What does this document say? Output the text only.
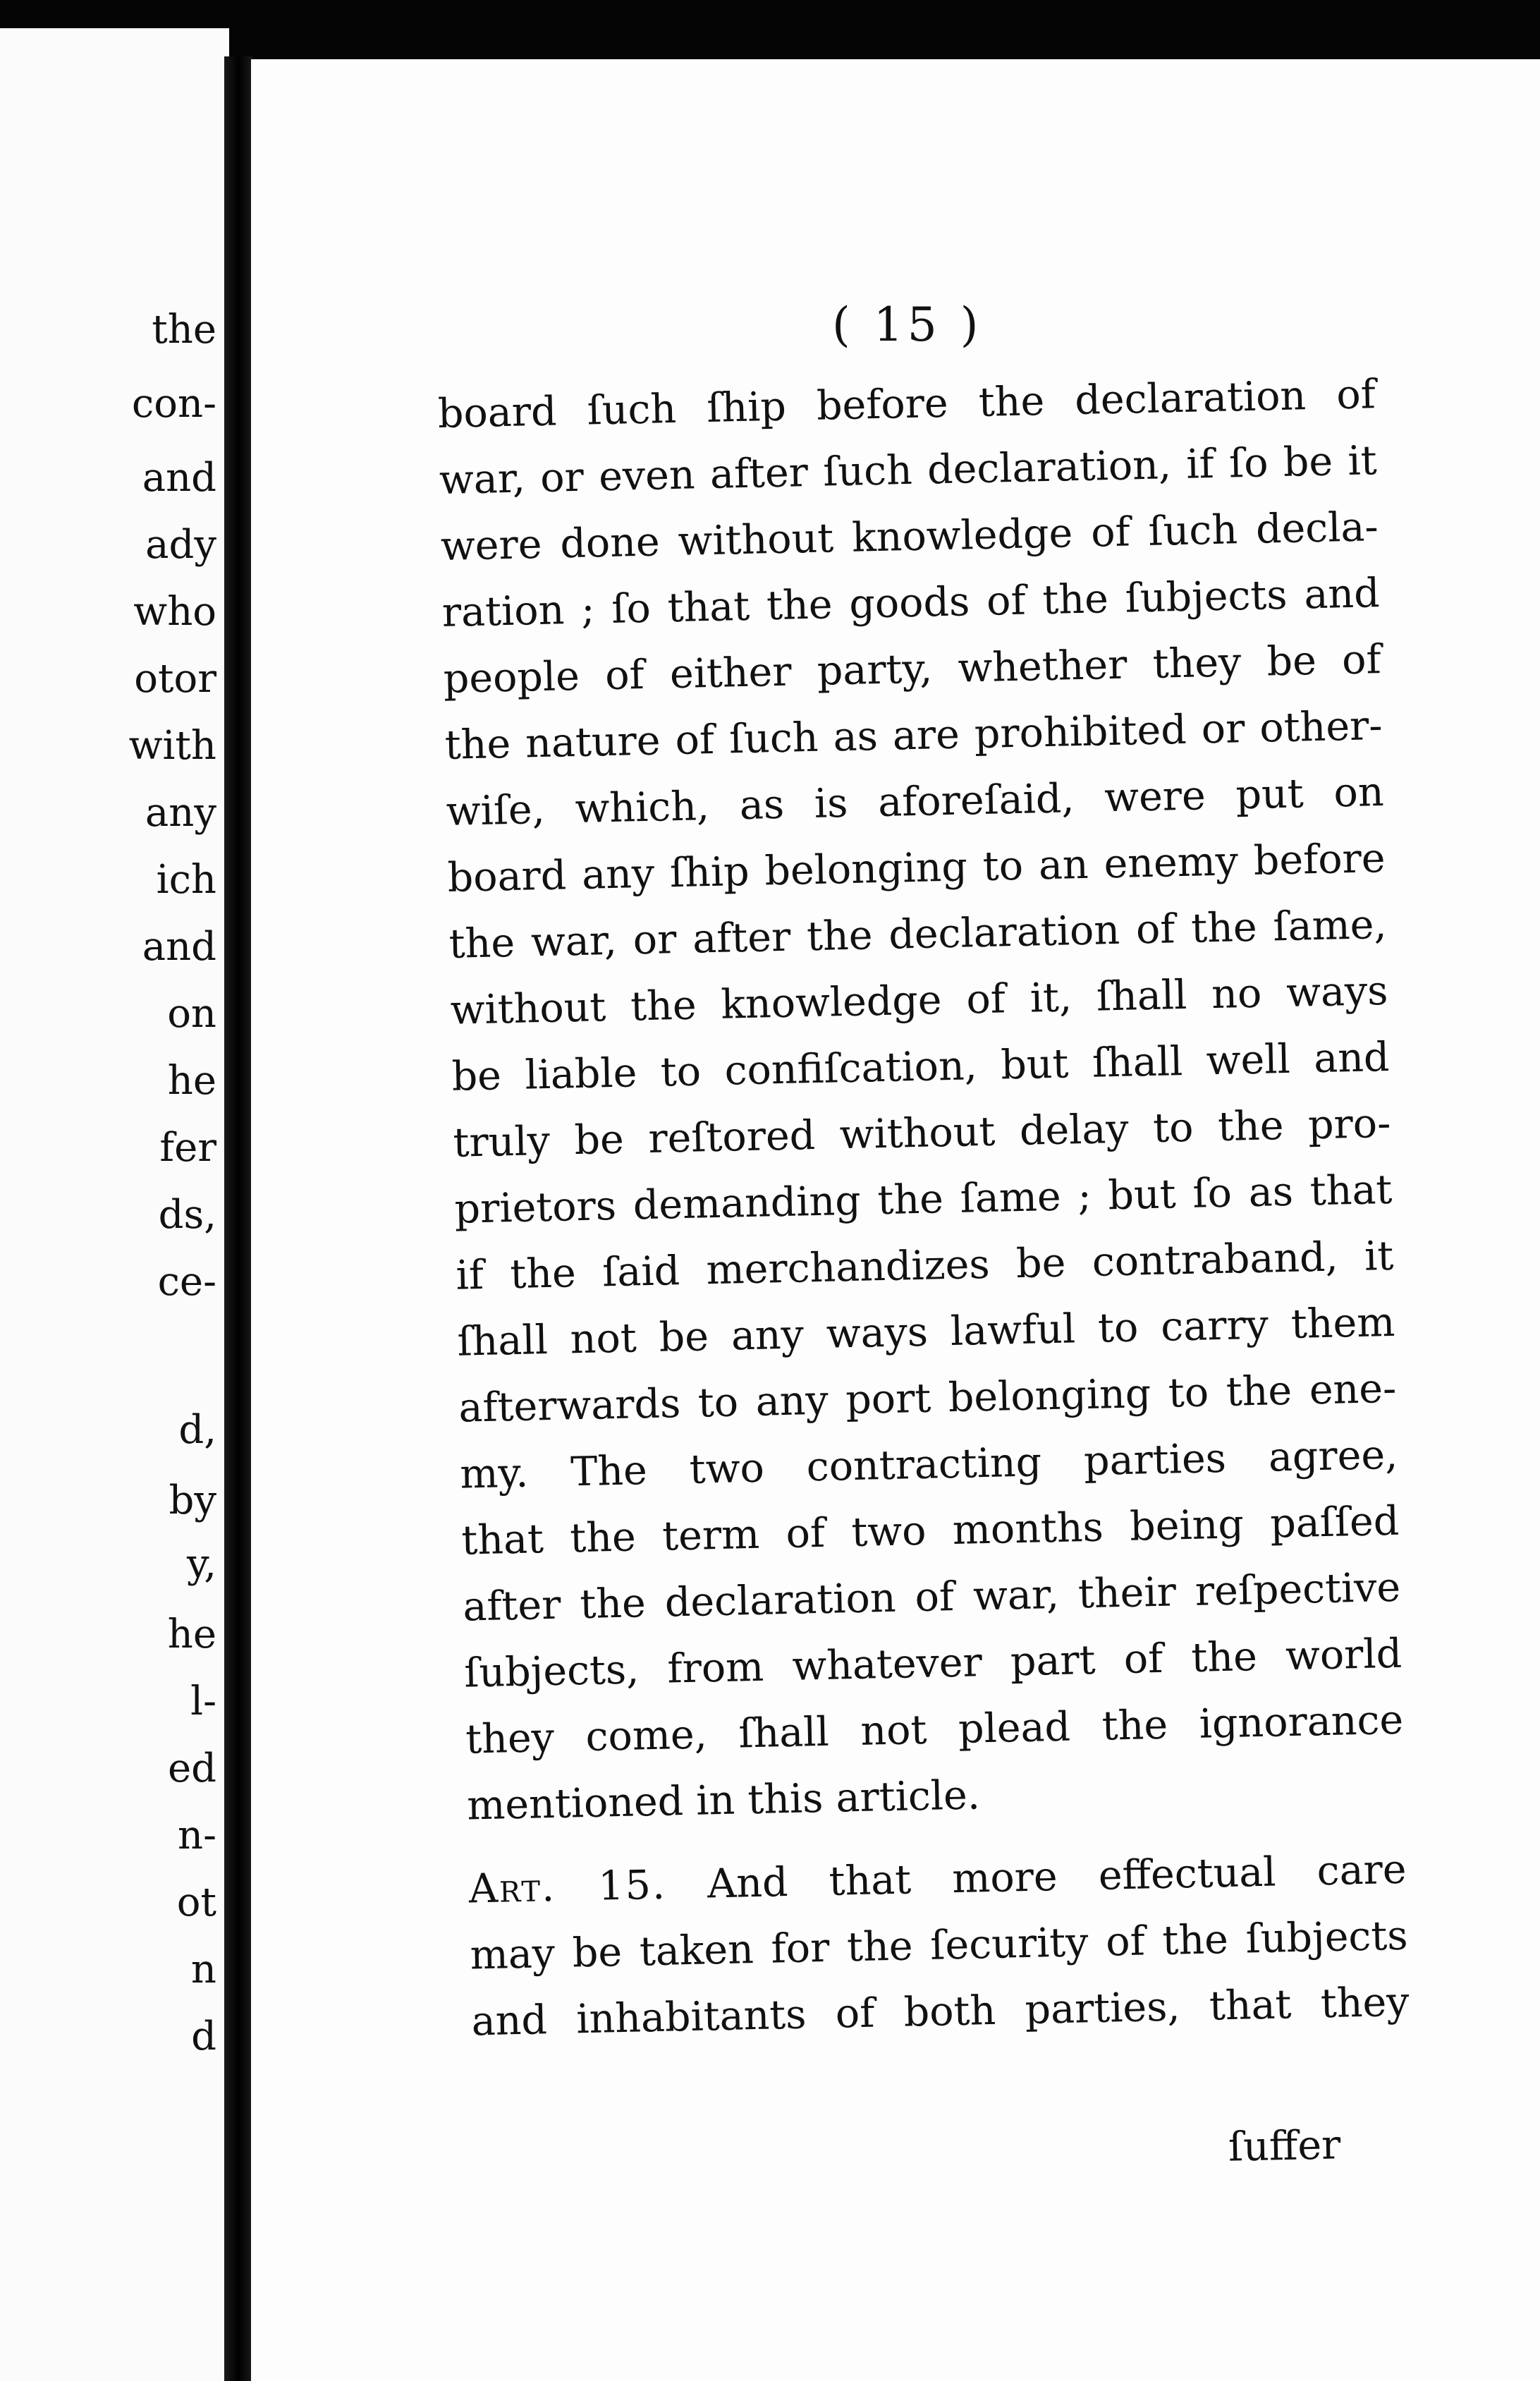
the

con-

and

ady

who

otor

with

any

ich

and

on

he

fer

ds,

ce-

d,

by

y,

he

l-

ed

n-

ot

n

d

( 15 )
board ſuch ſhip before the declaration of
war, or even after ſuch declaration, if ſo be it
were done without knowledge of ſuch decla-
ration ; ſo that the goods of the ſubjects and
people of either party, whether they be of
the nature of ſuch as are prohibited or other-
wiſe, which, as is aforeſaid, were put on
board any ſhip belonging to an enemy before
the war, or after the declaration of the ſame,
without the knowledge of it, ſhall no ways
be liable to confiſcation, but ſhall well and
truly be reſtored without delay to the pro-
prietors demanding the ſame ; but ſo as that
if the ſaid merchandizes be contraband, it
ſhall not be any ways lawful to carry them
afterwards to any port belonging to the ene-
my. The two contracting parties agree,
that the term of two months being paſſed
after the declaration of war, their reſpective
ſubjects, from whatever part of the world
they come, ſhall not plead the ignorance
mentioned in this article.
Art. 15. And that more effectual care
may be taken for the ſecurity of the ſubjects
and inhabitants of both parties, that they
ſuffer
